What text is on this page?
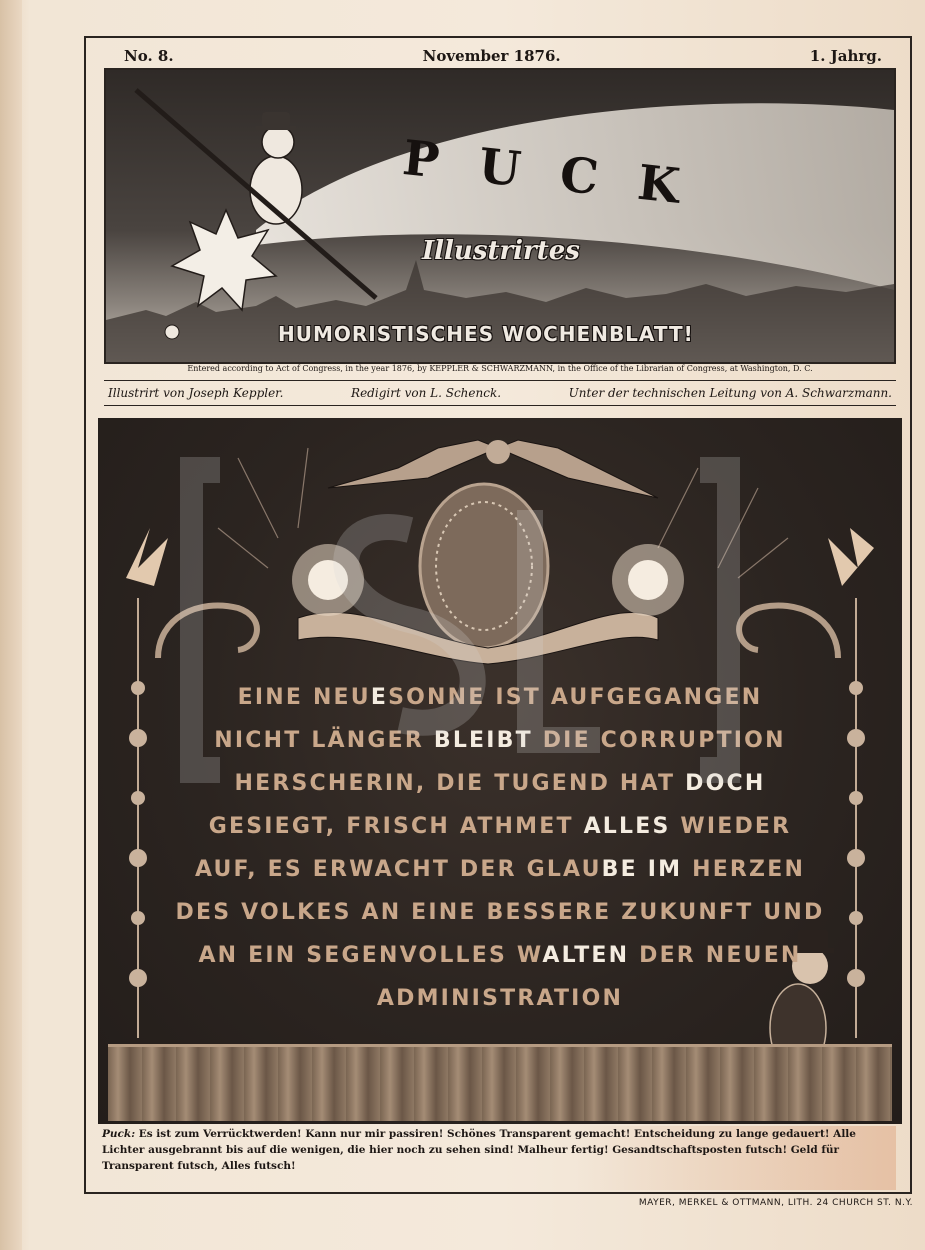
No. 8.	November 1876.	1. Jahrg.
PUCK
Illustrirtes
HUMORISTISCHES WOCHENBLATT!
Entered according to Act of Congress, in the year 1876, by KEPPLER & SCHWARZMANN, in the Office of the Librarian of Congress, at Washington, D. C.
Illustrirt von Joseph Keppler.	Redigirt von L. Schenck.	Unter der technischen Leitung von A. Schwarzmann.
EINE NEUESONNE IST AUFGEGANGEN
NICHT LÄNGER BLEIBT DIE CORRUPTION
HERSCHERIN, DIE TUGEND HAT DOCH
GESIEGT, FRISCH ATHMET ALLES WIEDER
AUF, ES ERWACHT DER GLAUBE IM HERZEN
DES VOLKES AN EINE BESSERE ZUKUNFT UND
AN EIN SEGENVOLLES WALTEN DER NEUEN
ADMINISTRATION

Puck: Es ist zum Verrücktwerden! Kann nur mir passiren! Schönes Transparent gemacht! Entscheidung zu lange gedauert! Alle Lichter ausgebrannt bis auf die wenigen, die hier noch zu sehen sind! Malheur fertig! Gesandtschaftsposten futsch! Geld für Transparent futsch, Alles futsch!

MAYER, MERKEL & OTTMANN, LITH. 24 CHURCH ST. N.Y.
